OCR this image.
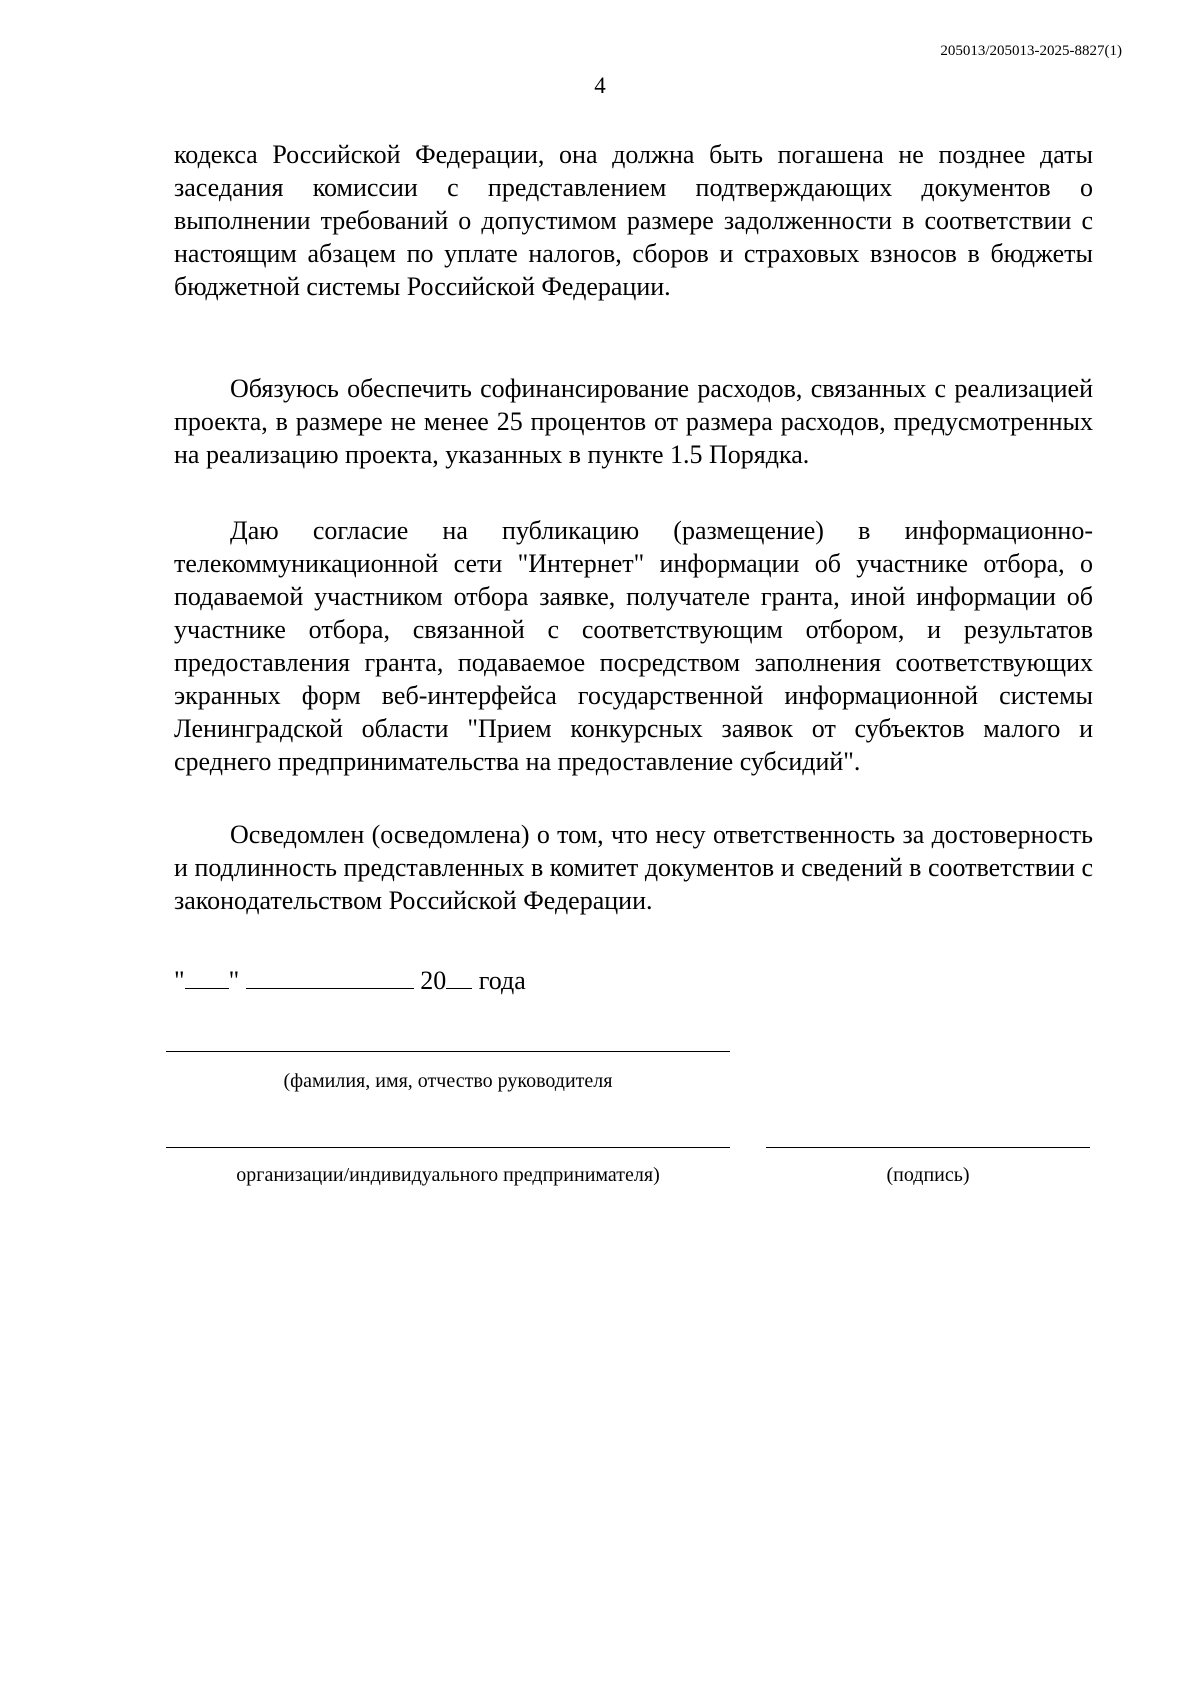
205013/205013-2025-8827(1)
4

кодекса Российской Федерации, она должна быть погашена не позднее даты заседания комиссии с представлением подтверждающих документов о выполнении требований о допустимом размере задолженности в соответствии с настоящим абзацем по уплате налогов, сборов и страховых взносов в бюджеты бюджетной системы Российской Федерации.

Обязуюсь обеспечить софинансирование расходов, связанных с реализацией проекта, в размере не менее 25 процентов от размера расходов, предусмотренных на реализацию проекта, указанных в пункте 1.5 Порядка.

Даю согласие на публикацию (размещение) в информационно-телекоммуникационной сети "Интернет" информации об участнике отбора, о подаваемой участником отбора заявке, получателе гранта, иной информации об участнике отбора, связанной с соответствующим отбором, и результатов предоставления гранта, подаваемое посредством заполнения соответствующих экранных форм веб-интерфейса государственной информационной системы Ленинградской области "Прием конкурсных заявок от субъектов малого и среднего предпринимательства на предоставление субсидий".

Осведомлен (осведомлена) о том, что несу ответственность за достоверность и подлинность представленных в комитет документов и сведений в соответствии с законодательством Российской Федерации.

" "	20 года
(фамилия, имя, отчество руководителя
организации/индивидуального предпринимателя)	(подпись)
